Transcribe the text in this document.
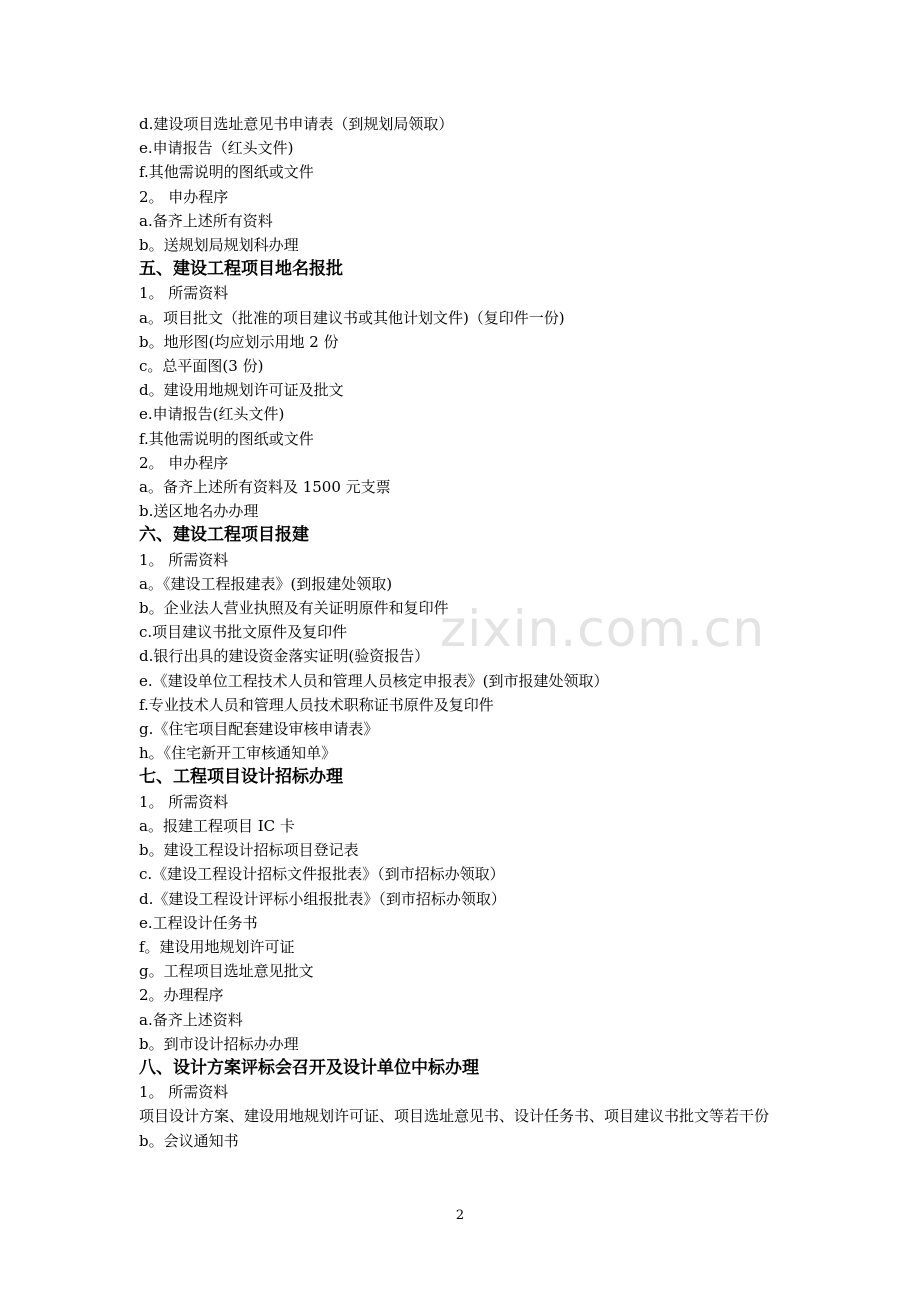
zixin.com.cn
d.建设项目选址意见书申请表（到规划局领取）
e.申请报告（红头文件)
f.其他需说明的图纸或文件
2。 申办程序
a.备齐上述所有资料
b。送规划局规划科办理
五、建设工程项目地名报批
1。 所需资料
a。项目批文（批准的项目建议书或其他计划文件)（复印件一份)
b。地形图(均应划示用地 2 份
c。总平面图(3 份)
d。建设用地规划许可证及批文
e.申请报告(红头文件)
f.其他需说明的图纸或文件
2。 申办程序
a。备齐上述所有资料及 1500 元支票
b.送区地名办办理
六、建设工程项目报建
1。 所需资料
a。《建设工程报建表》(到报建处领取)
b。企业法人营业执照及有关证明原件和复印件
c.项目建议书批文原件及复印件
d.银行出具的建设资金落实证明(验资报告）
e.《建设单位工程技术人员和管理人员核定申报表》(到市报建处领取）
f.专业技术人员和管理人员技术职称证书原件及复印件
g.《住宅项目配套建设审核申请表》
h。《住宅新开工审核通知单》
七、工程项目设计招标办理
1。 所需资料
a。报建工程项目 IC 卡
b。建设工程设计招标项目登记表
c.《建设工程设计招标文件报批表》（到市招标办领取）
d.《建设工程设计评标小组报批表》（到市招标办领取）
e.工程设计任务书
f。建设用地规划许可证
g。工程项目选址意见批文
2。办理程序
a.备齐上述资料
b。到市设计招标办办理
八、设计方案评标会召开及设计单位中标办理
1。 所需资料
项目设计方案、建设用地规划许可证、项目选址意见书、设计任务书、项目建议书批文等若干份
b。会议通知书
2
